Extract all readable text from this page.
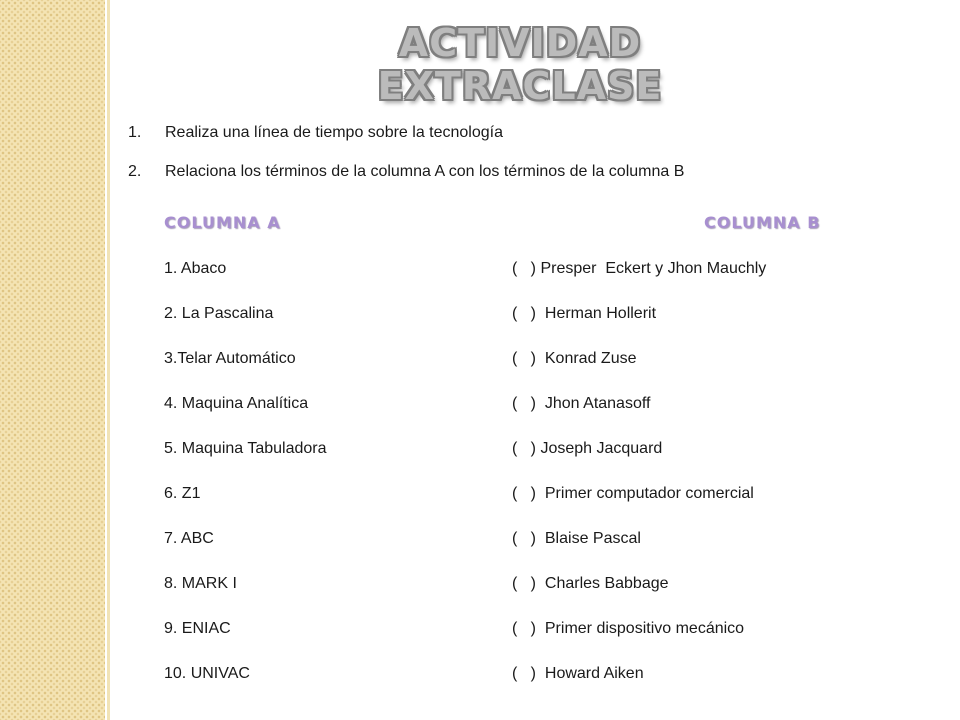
ACTIVIDAD
EXTRACLASE
1.	Realiza una línea de tiempo sobre la tecnología
2.	Relaciona los términos de la columna A con los términos de la columna B
COLUMNA A	COLUMNA B
1. Abaco	(   ) Presper  Eckert y Jhon Mauchly
2. La Pascalina	(   )  Herman Hollerit
3.Telar Automático	(   )  Konrad Zuse
4. Maquina Analítica	(   )  Jhon Atanasoff
5. Maquina Tabuladora	(   ) Joseph Jacquard
6. Z1	(   )  Primer computador comercial
7. ABC	(   )  Blaise Pascal
8. MARK I	(   )  Charles Babbage
9. ENIAC	(   )  Primer dispositivo mecánico
10. UNIVAC	(   )  Howard Aiken
